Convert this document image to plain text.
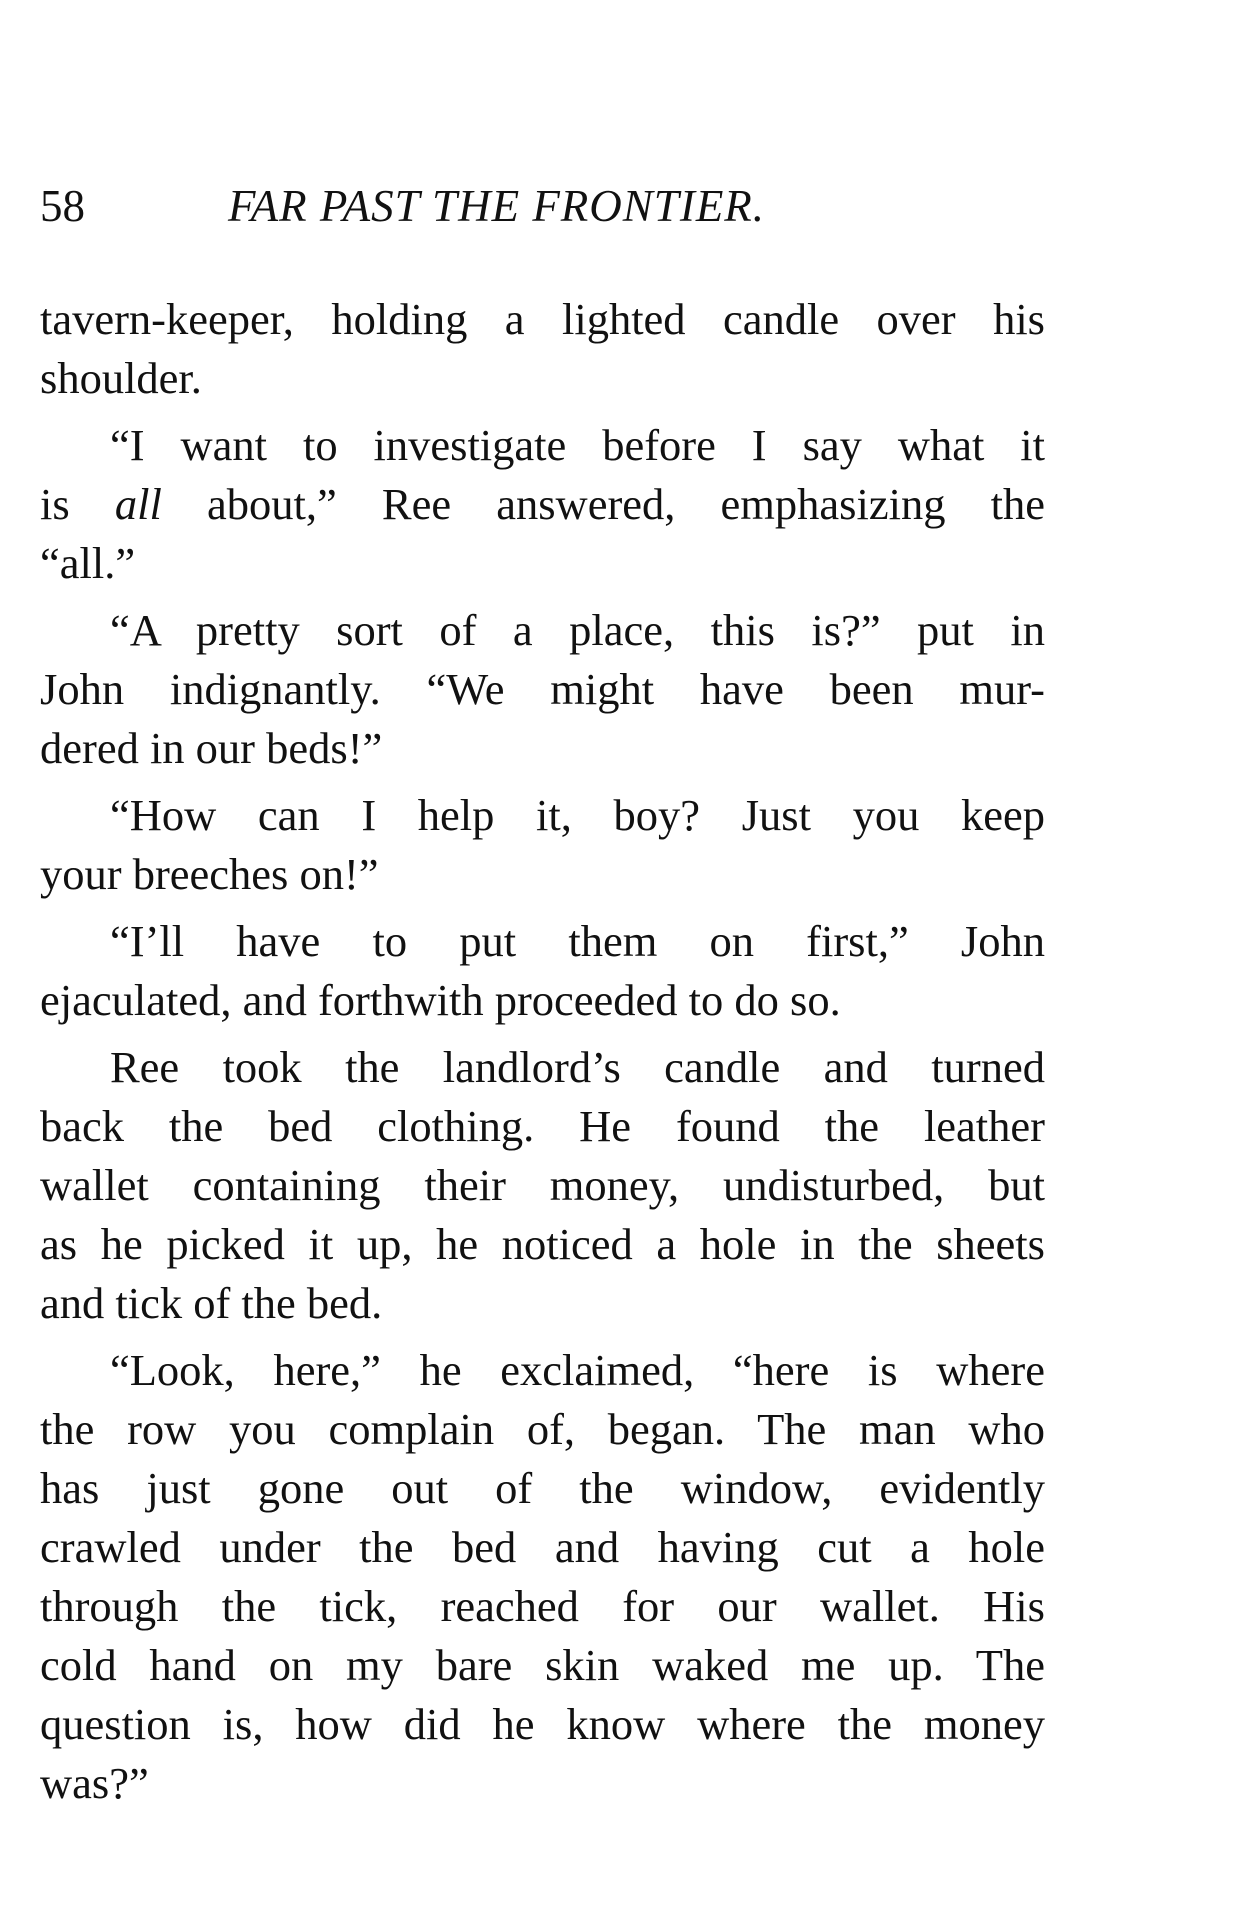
58	FAR PAST THE FRONTIER.
tavern-keeper, holding a lighted candle over his
shoulder.
“I want to investigate before I say what it
is all about,” Ree answered, emphasizing the
“all.”
“A pretty sort of a place, this is?” put in
John indignantly. “We might have been mur-
dered in our beds!”
“How can I help it, boy? Just you keep
your breeches on!”
“I’ll have to put them on first,” John
ejaculated, and forthwith proceeded to do so.
Ree took the landlord’s candle and turned
back the bed clothing. He found the leather
wallet containing their money, undisturbed, but
as he picked it up, he noticed a hole in the sheets
and tick of the bed.
“Look, here,” he exclaimed, “here is where
the row you complain of, began. The man who
has just gone out of the window, evidently
crawled under the bed and having cut a hole
through the tick, reached for our wallet. His
cold hand on my bare skin waked me up. The
question is, how did he know where the money
was?”
